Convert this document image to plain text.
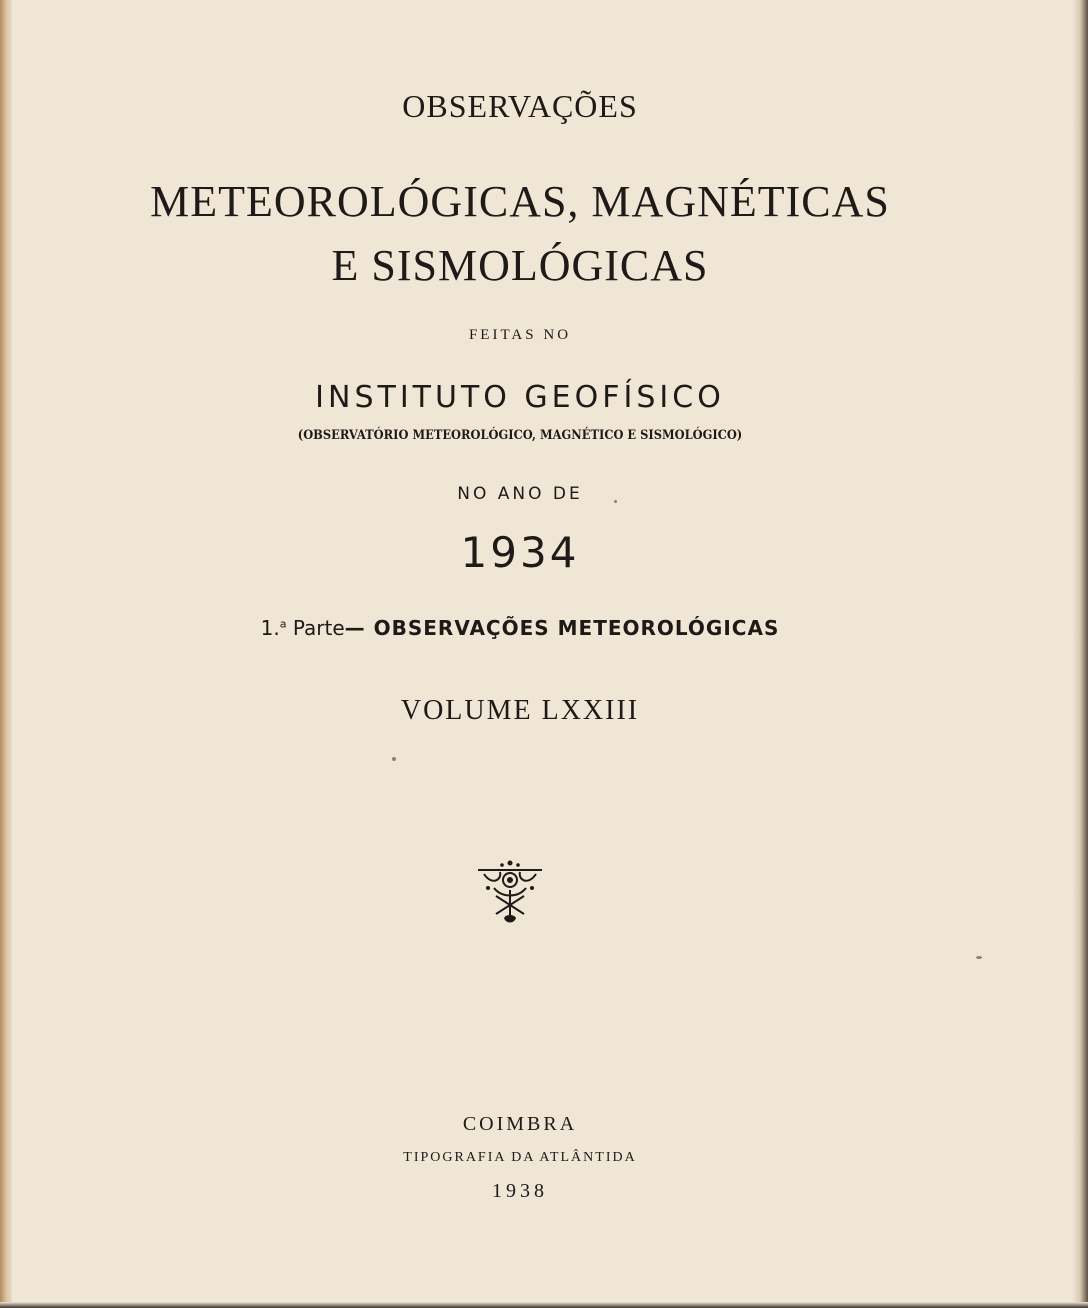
OBSERVAÇÕES
METEOROLÓGICAS, MAGNÉTICAS
E SISMOLÓGICAS
FEITAS NO
INSTITUTO GEOFÍSICO
(OBSERVATÓRIO METEOROLÓGICO, MAGNÉTICO E SISMOLÓGICO)
NO ANO DE
1934
1.$^a$ Parte— OBSERVAÇÕES METEOROLÓGICAS
VOLUME LXXIII
COIMBRA
TIPOGRAFIA DA ATLÂNTIDA
1938
